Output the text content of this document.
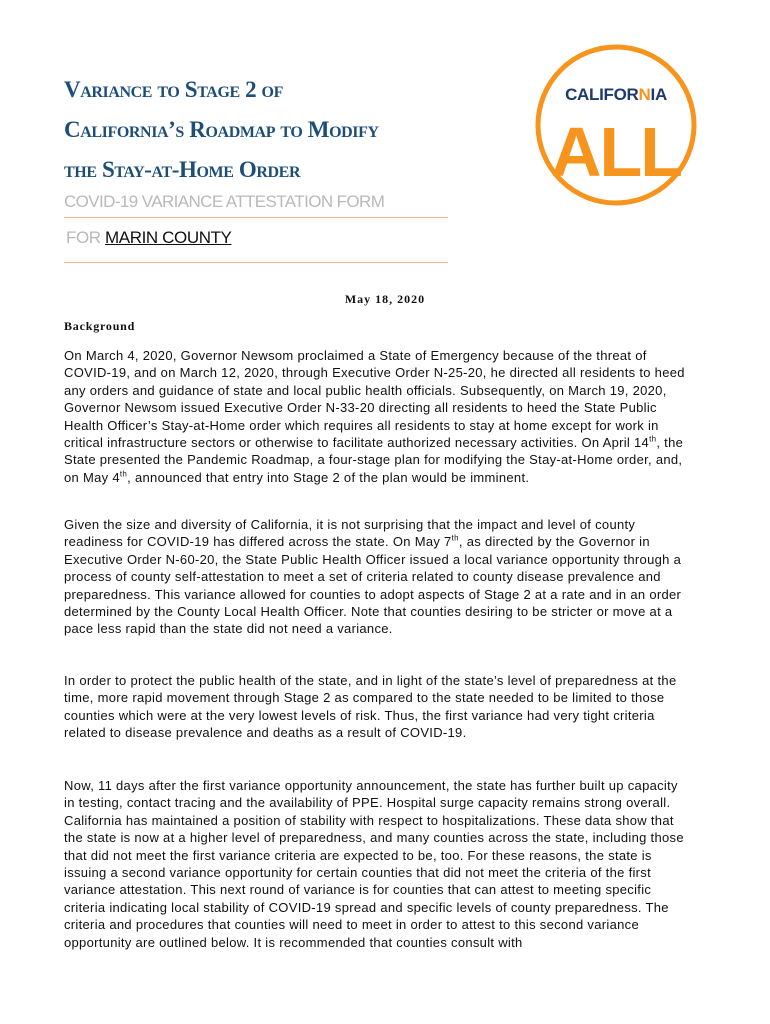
Variance to Stage 2 of
California’s Roadmap to Modify
the Stay-at-Home Order
COVID-19 VARIANCE ATTESTATION FORM
FOR MARIN COUNTY
CALIFORNIA
ALL
May 18, 2020
Background

On March 4, 2020, Governor Newsom proclaimed a State of Emergency because of the threat of COVID-19, and on March 12, 2020, through Executive Order N-25-20, he directed all residents to heed any orders and guidance of state and local public health officials. Subsequently, on March 19, 2020, Governor Newsom issued Executive Order N-33-20 directing all residents to heed the State Public Health Officer’s Stay-at-Home order which requires all residents to stay at home except for work in critical infrastructure sectors or otherwise to facilitate authorized necessary activities. On April 14th, the State presented the Pandemic Roadmap, a four-stage plan for modifying the Stay-at-Home order, and, on May 4th, announced that entry into Stage 2 of the plan would be imminent.

Given the size and diversity of California, it is not surprising that the impact and level of county readiness for COVID-19 has differed across the state. On May 7th, as directed by the Governor in Executive Order N-60-20, the State Public Health Officer issued a local variance opportunity through a process of county self-attestation to meet a set of criteria related to county disease prevalence and preparedness. This variance allowed for counties to adopt aspects of Stage 2 at a rate and in an order determined by the County Local Health Officer. Note that counties desiring to be stricter or move at a pace less rapid than the state did not need a variance.

In order to protect the public health of the state, and in light of the state’s level of preparedness at the time, more rapid movement through Stage 2 as compared to the state needed to be limited to those counties which were at the very lowest levels of risk. Thus, the first variance had very tight criteria related to disease prevalence and deaths as a result of COVID-19.

Now, 11 days after the first variance opportunity announcement, the state has further built up capacity in testing, contact tracing and the availability of PPE. Hospital surge capacity remains strong overall. California has maintained a position of stability with respect to hospitalizations. These data show that the state is now at a higher level of preparedness, and many counties across the state, including those that did not meet the first variance criteria are expected to be, too. For these reasons, the state is issuing a second variance opportunity for certain counties that did not meet the criteria of the first variance attestation. This next round of variance is for counties that can attest to meeting specific criteria indicating local stability of COVID-19 spread and specific levels of county preparedness. The criteria and procedures that counties will need to meet in order to attest to this second variance opportunity are outlined below. It is recommended that counties consult with
